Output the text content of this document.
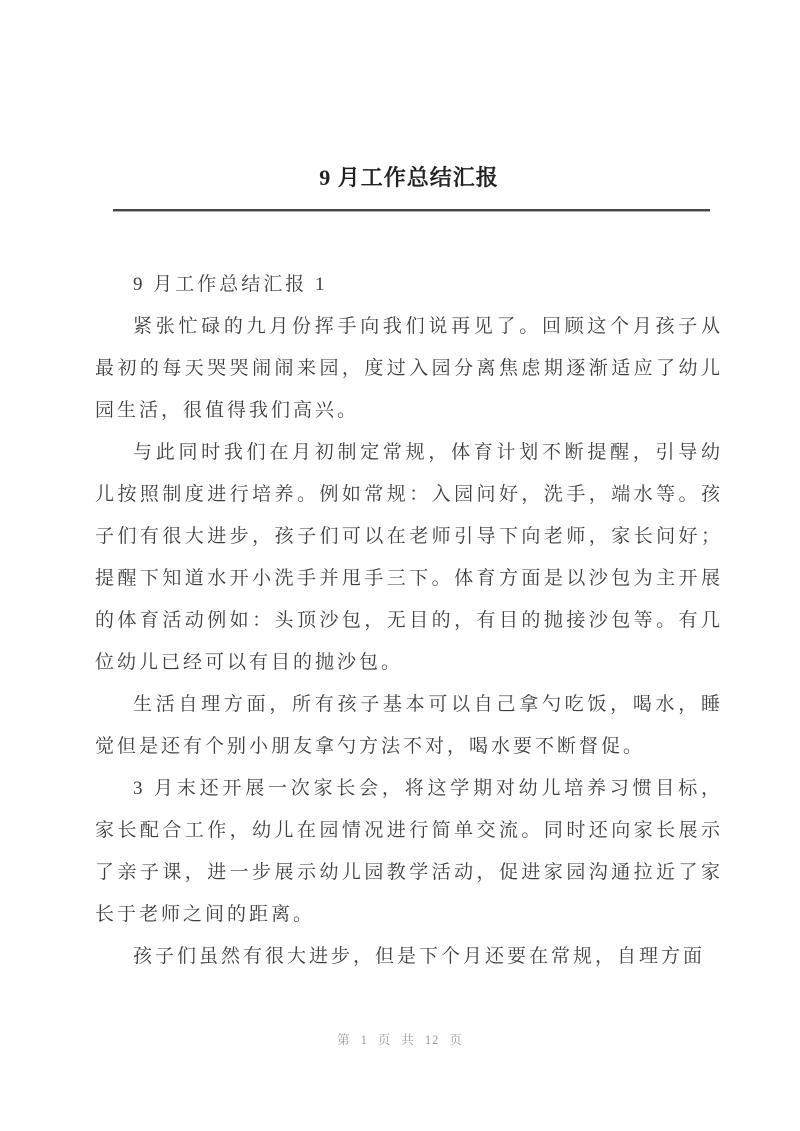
9 月工作总结汇报

9 月工作总结汇报 1

紧张忙碌的九月份挥手向我们说再见了。回顾这个月孩子从最初的每天哭哭闹闹来园，度过入园分离焦虑期逐渐适应了幼儿园生活，很值得我们高兴。

与此同时我们在月初制定常规，体育计划不断提醒，引导幼儿按照制度进行培养。例如常规：入园问好，洗手，端水等。孩子们有很大进步，孩子们可以在老师引导下向老师，家长问好；提醒下知道水开小洗手并甩手三下。体育方面是以沙包为主开展的体育活动例如：头顶沙包，无目的，有目的抛接沙包等。有几位幼儿已经可以有目的抛沙包。

生活自理方面，所有孩子基本可以自己拿勺吃饭，喝水，睡觉但是还有个别小朋友拿勺方法不对，喝水要不断督促。

3 月末还开展一次家长会，将这学期对幼儿培养习惯目标，家长配合工作，幼儿在园情况进行简单交流。同时还向家长展示了亲子课，进一步展示幼儿园教学活动，促进家园沟通拉近了家长于老师之间的距离。

孩子们虽然有很大进步，但是下个月还要在常规，自理方面

第 1 页 共 12 页
